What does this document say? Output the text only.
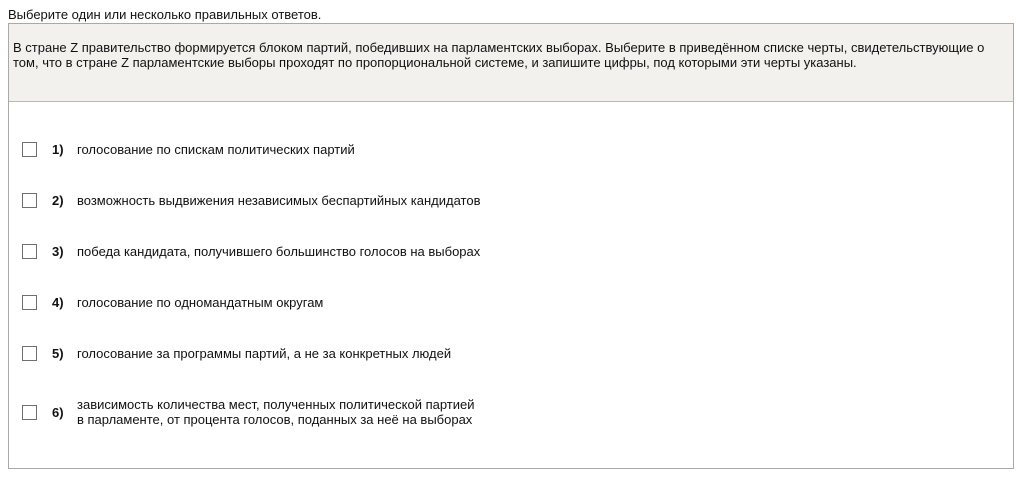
Выберите один или несколько правильных ответов.
В стране Z правительство формируется блоком партий, победивших на парламентских выборах. Выберите в приведённом списке черты, свидетельствующие о том, что в стране Z парламентские выборы проходят по пропорциональной системе, и запишите цифры, под которыми эти черты указаны.
1)	голосование по спискам политических партий
2)	возможность выдвижения независимых беспартийных кандидатов
3)	победа кандидата, получившего большинство голосов на выборах
4)	голосование по одномандатным округам
5)	голосование за программы партий, а не за конкретных людей
6)	зависимость количества мест, полученных политической партией
в парламенте, от процента голосов, поданных за неё на выборах
